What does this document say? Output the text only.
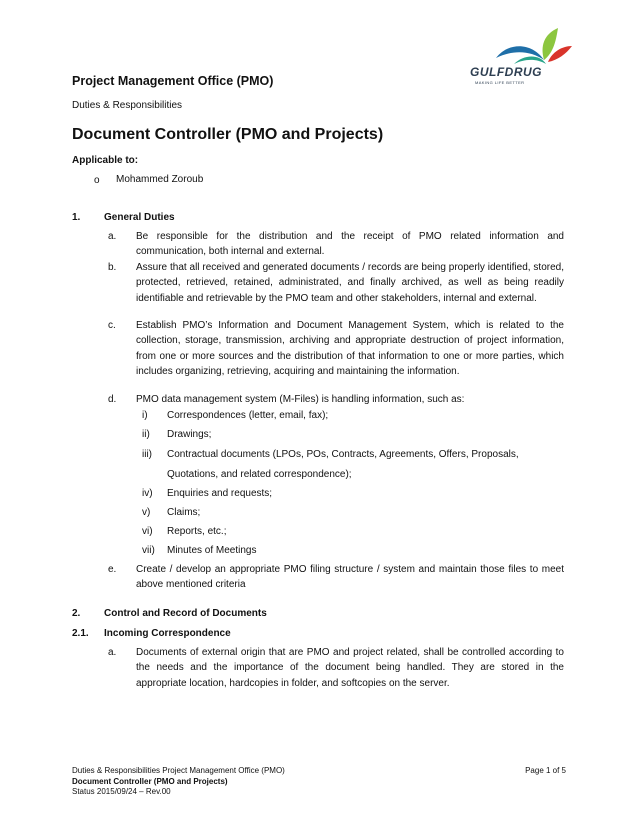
GULFDRUG
MAKING LIFE BETTER
Project Management Office (PMO)
Duties & Responsibilities
Document Controller (PMO and Projects)
Applicable to:
o Mohammed Zoroub
1. General Duties
a. Be responsible for the distribution and the receipt of PMO related information and communication, both internal and external.
b. Assure that all received and generated documents / records are being properly identified, stored, protected, retrieved, retained, administrated, and finally archived, as well as being readily identifiable and retrievable by the PMO team and other stakeholders, internal and external.
c. Establish PMO’s Information and Document Management System, which is related to the collection, storage, transmission, archiving and appropriate destruction of project information, from one or more sources and the distribution of that information to one or more parties, which includes organizing, retrieving, acquiring and maintaining the information.
d. PMO data management system (M-Files) is handling information, such as:
i) Correspondences (letter, email, fax);
ii) Drawings;
iii) Contractual documents (LPOs, POs, Contracts, Agreements, Offers, Proposals, Quotations, and related correspondence);
iv) Enquiries and requests;
v) Claims;
vi) Reports, etc.;
vii) Minutes of Meetings
e. Create / develop an appropriate PMO filing structure / system and maintain those files to meet above mentioned criteria
2. Control and Record of Documents
2.1. Incoming Correspondence
a. Documents of external origin that are PMO and project related, shall be controlled according to the needs and the importance of the document being handled. They are stored in the appropriate location, hardcopies in folder, and softcopies on the server.
Duties & Responsibilities Project Management Office (PMO)
Document Controller (PMO and Projects)
Status 2015/09/24 – Rev.00
Page 1 of 5
